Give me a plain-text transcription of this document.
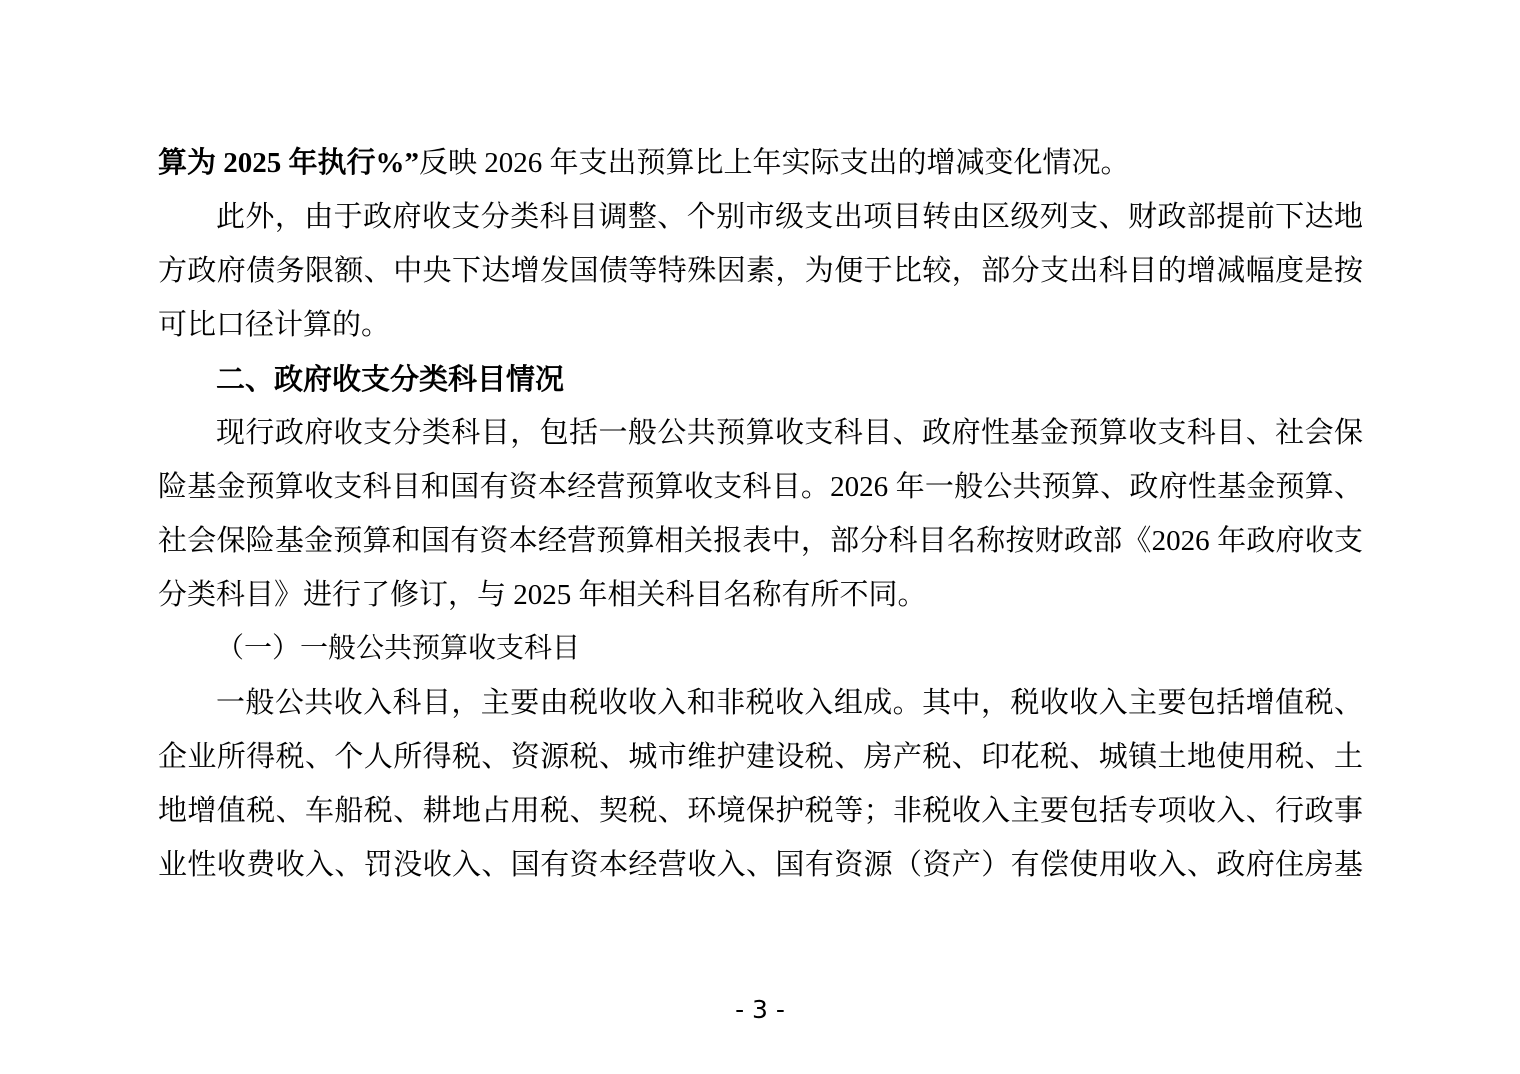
算为 2025 年执行%”反映 2026 年支出预算比上年实际支出的增减变化情况。
此外，由于政府收支分类科目调整、个别市级支出项目转由区级列支、财政部提前下达地
方政府债务限额、中央下达增发国债等特殊因素，为便于比较，部分支出科目的增减幅度是按
可比口径计算的。
二、政府收支分类科目情况
现行政府收支分类科目，包括一般公共预算收支科目、政府性基金预算收支科目、社会保
险基金预算收支科目和国有资本经营预算收支科目。2026 年一般公共预算、政府性基金预算、
社会保险基金预算和国有资本经营预算相关报表中，部分科目名称按财政部《2026 年政府收支
分类科目》进行了修订，与 2025 年相关科目名称有所不同。
（一）一般公共预算收支科目
一般公共收入科目，主要由税收收入和非税收入组成。其中，税收收入主要包括增值税、
企业所得税、个人所得税、资源税、城市维护建设税、房产税、印花税、城镇土地使用税、土
地增值税、车船税、耕地占用税、契税、环境保护税等；非税收入主要包括专项收入、行政事
业性收费收入、罚没收入、国有资本经营收入、国有资源（资产）有偿使用收入、政府住房基
- 3 -
